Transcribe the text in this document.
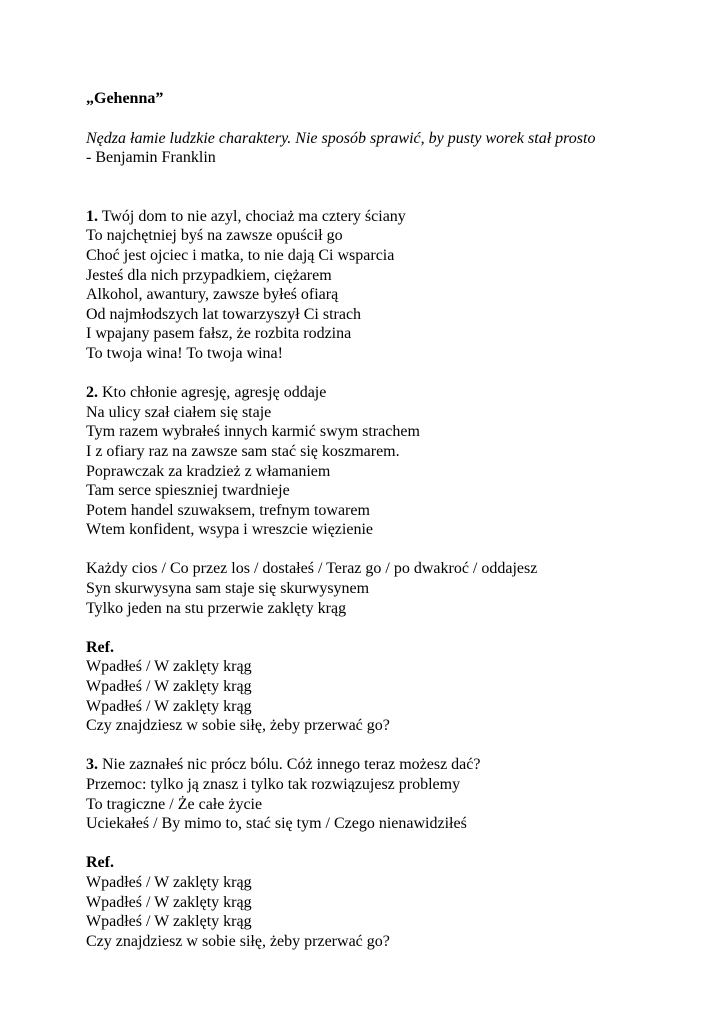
„Gehenna”
Nędza łamie ludzkie charaktery. Nie sposób sprawić, by pusty worek stał prosto
- Benjamin Franklin
1. Twój dom to nie azyl, chociaż ma cztery ściany
To najchętniej byś na zawsze opuścił go
Choć jest ojciec i matka, to nie dają Ci wsparcia
Jesteś dla nich przypadkiem, ciężarem
Alkohol, awantury, zawsze byłeś ofiarą
Od najmłodszych lat towarzyszył Ci strach
I wpajany pasem fałsz, że rozbita rodzina
To twoja wina! To twoja wina!
2. Kto chłonie agresję, agresję oddaje
Na ulicy szał ciałem się staje
Tym razem wybrałeś innych karmić swym strachem
I z ofiary raz na zawsze sam stać się koszmarem.
Poprawczak za kradzież z włamaniem
Tam serce spieszniej twardnieje
Potem handel szuwaksem, trefnym towarem
Wtem konfident, wsypa i wreszcie więzienie
Każdy cios / Co przez los / dostałeś / Teraz go / po dwakroć / oddajesz
Syn skurwysyna sam staje się skurwysynem
Tylko jeden na stu przerwie zaklęty krąg
Ref.
Wpadłeś / W zaklęty krąg
Wpadłeś / W zaklęty krąg
Wpadłeś / W zaklęty krąg
Czy znajdziesz w sobie siłę, żeby przerwać go?
3. Nie zaznałeś nic prócz bólu. Cóż innego teraz możesz dać?
Przemoc: tylko ją znasz i tylko tak rozwiązujesz problemy
To tragiczne / Że całe życie
Uciekałeś / By mimo to, stać się tym / Czego nienawidziłeś
Ref.
Wpadłeś / W zaklęty krąg
Wpadłeś / W zaklęty krąg
Wpadłeś / W zaklęty krąg
Czy znajdziesz w sobie siłę, żeby przerwać go?
